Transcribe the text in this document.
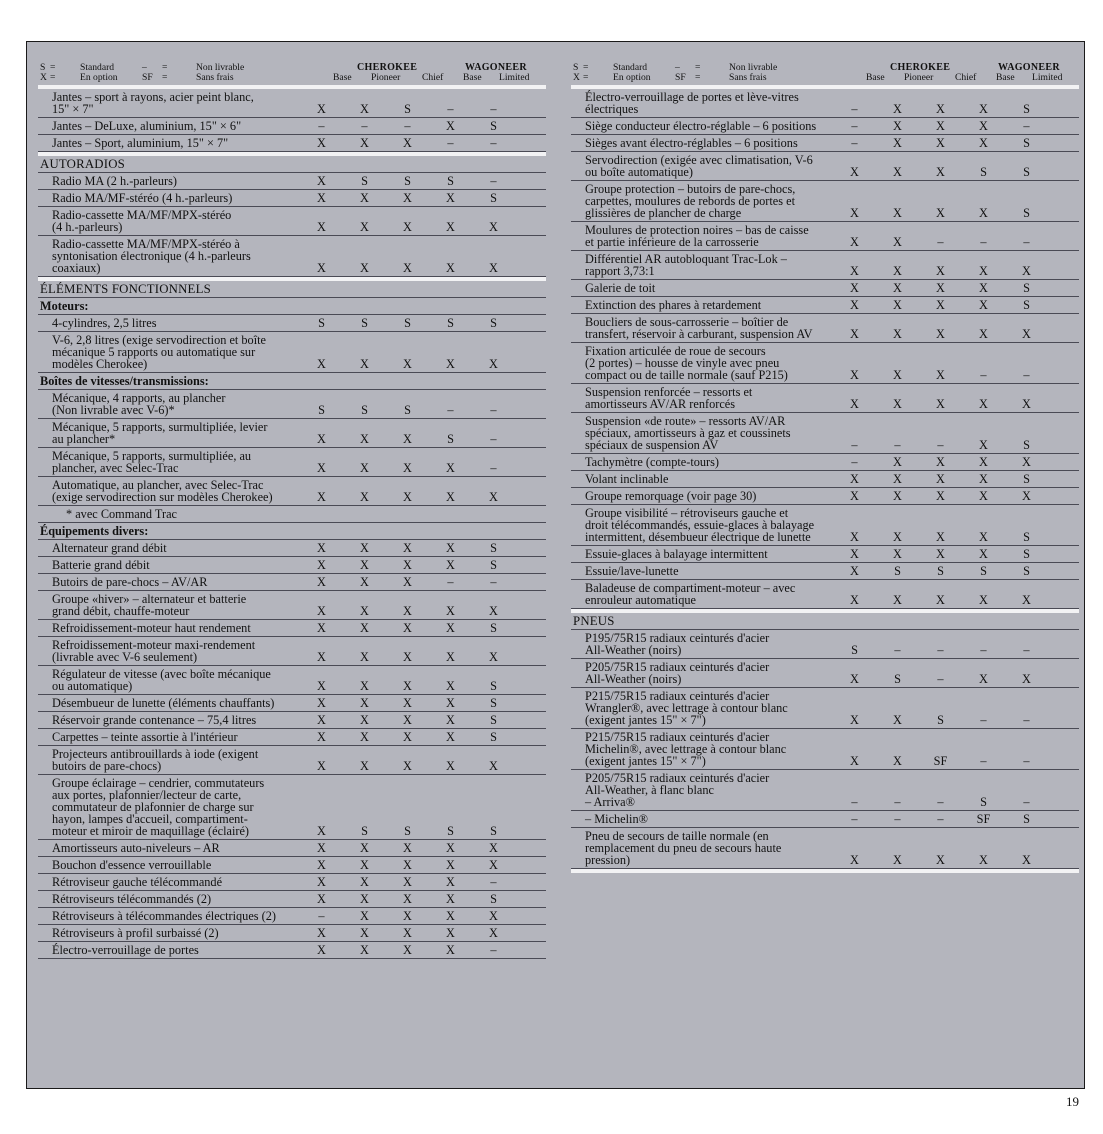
S =	Standard	– =	Non livrable
X =	En option	SF =	Sans frais
CHEROKEE	WAGONEER
Base Pioneer Chief Base Limited
Jantes – sport à rayons, acier peint blanc,
15" × 7"	X	X	S	–	–
Jantes – DeLuxe, aluminium, 15" × 6"	–	–	–	X	S
Jantes – Sport, aluminium, 15" × 7"	X	X	X	–	–
AUTORADIOS
Radio MA (2 h.-parleurs)	X	S	S	S	–
Radio MA/MF-stéréo (4 h.-parleurs)	X	X	X	X	S
Radio-cassette MA/MF/MPX-stéréo
(4 h.-parleurs)	X	X	X	X	X
Radio-cassette MA/MF/MPX-stéréo à
syntonisation électronique (4 h.-parleurs
coaxiaux)	X	X	X	X	X
ÉLÉMENTS FONCTIONNELS
Moteurs:
4-cylindres, 2,5 litres	S	S	S	S	S
V-6, 2,8 litres (exige servodirection et boîte
mécanique 5 rapports ou automatique sur
modèles Cherokee)	X	X	X	X	X
Boîtes de vitesses/transmissions:
Mécanique, 4 rapports, au plancher
(Non livrable avec V-6)*	S	S	S	–	–
Mécanique, 5 rapports, surmultipliée, levier
au plancher*	X	X	X	S	–
Mécanique, 5 rapports, surmultipliée, au
plancher, avec Selec-Trac	X	X	X	X	–
Automatique, au plancher, avec Selec-Trac
(exige servodirection sur modèles Cherokee)	X	X	X	X	X
* avec Command Trac
Équipements divers:
Alternateur grand débit	X	X	X	X	S
Batterie grand débit	X	X	X	X	S
Butoirs de pare-chocs – AV/AR	X	X	X	–	–
Groupe «hiver» – alternateur et batterie
grand débit, chauffe-moteur	X	X	X	X	X
Refroidissement-moteur haut rendement	X	X	X	X	S
Refroidissement-moteur maxi-rendement
(livrable avec V-6 seulement)	X	X	X	X	X
Régulateur de vitesse (avec boîte mécanique
ou automatique)	X	X	X	X	S
Désembueur de lunette (éléments chauffants)	X	X	X	X	S
Réservoir grande contenance – 75,4 litres	X	X	X	X	S
Carpettes – teinte assortie à l'intérieur	X	X	X	X	S
Projecteurs antibrouillards à iode (exigent
butoirs de pare-chocs)	X	X	X	X	X
Groupe éclairage – cendrier, commutateurs
aux portes, plafonnier/lecteur de carte,
commutateur de plafonnier de charge sur
hayon, lampes d'accueil, compartiment-
moteur et miroir de maquillage (éclairé)	X	S	S	S	S
Amortisseurs auto-niveleurs – AR	X	X	X	X	X
Bouchon d'essence verrouillable	X	X	X	X	X
Rétroviseur gauche télécommandé	X	X	X	X	–
Rétroviseurs télécommandés (2)	X	X	X	X	S
Rétroviseurs à télécommandes électriques (2)	–	X	X	X	X
Rétroviseurs à profil surbaissé (2)	X	X	X	X	X
Électro-verrouillage de portes	X	X	X	X	–
S =	Standard	– =	Non livrable
X =	En option	SF =	Sans frais
CHEROKEE	WAGONEER
Base Pioneer Chief Base Limited
Électro-verrouillage de portes et lève-vitres
électriques	–	X	X	X	S
Siège conducteur électro-réglable – 6 positions	–	X	X	X	–
Sièges avant électro-réglables – 6 positions	–	X	X	X	S
Servodirection (exigée avec climatisation, V-6
ou boîte automatique)	X	X	X	S	S
Groupe protection – butoirs de pare-chocs,
carpettes, moulures de rebords de portes et
glissières de plancher de charge	X	X	X	X	S
Moulures de protection noires – bas de caisse
et partie inférieure de la carrosserie	X	X	–	–	–
Différentiel AR autobloquant Trac-Lok –
rapport 3,73:1	X	X	X	X	X
Galerie de toit	X	X	X	X	S
Extinction des phares à retardement	X	X	X	X	S
Boucliers de sous-carrosserie – boîtier de
transfert, réservoir à carburant, suspension AV	X	X	X	X	X
Fixation articulée de roue de secours
(2 portes) – housse de vinyle avec pneu
compact ou de taille normale (sauf P215)	X	X	X	–	–
Suspension renforcée – ressorts et
amortisseurs AV/AR renforcés	X	X	X	X	X
Suspension «de route» – ressorts AV/AR
spéciaux, amortisseurs à gaz et coussinets
spéciaux de suspension AV	–	–	–	X	S
Tachymètre (compte-tours)	–	X	X	X	X
Volant inclinable	X	X	X	X	S
Groupe remorquage (voir page 30)	X	X	X	X	X
Groupe visibilité – rétroviseurs gauche et
droit télécommandés, essuie-glaces à balayage
intermittent, désembueur électrique de lunette	X	X	X	X	S
Essuie-glaces à balayage intermittent	X	X	X	X	S
Essuie/lave-lunette	X	S	S	S	S
Baladeuse de compartiment-moteur – avec
enrouleur automatique	X	X	X	X	X
PNEUS
P195/75R15 radiaux ceinturés d'acier
All-Weather (noirs)	S	–	–	–	–
P205/75R15 radiaux ceinturés d'acier
All-Weather (noirs)	X	S	–	X	X
P215/75R15 radiaux ceinturés d'acier
Wrangler®, avec lettrage à contour blanc
(exigent jantes 15" × 7")	X	X	S	–	–
P215/75R15 radiaux ceinturés d'acier
Michelin®, avec lettrage à contour blanc
(exigent jantes 15" × 7")	X	X	SF	–	–
P205/75R15 radiaux ceinturés d'acier
All-Weather, à flanc blanc
– Arriva®	–	–	–	S	–
– Michelin®	–	–	–	SF	S
Pneu de secours de taille normale (en
remplacement du pneu de secours haute
pression)	X	X	X	X	X
19
